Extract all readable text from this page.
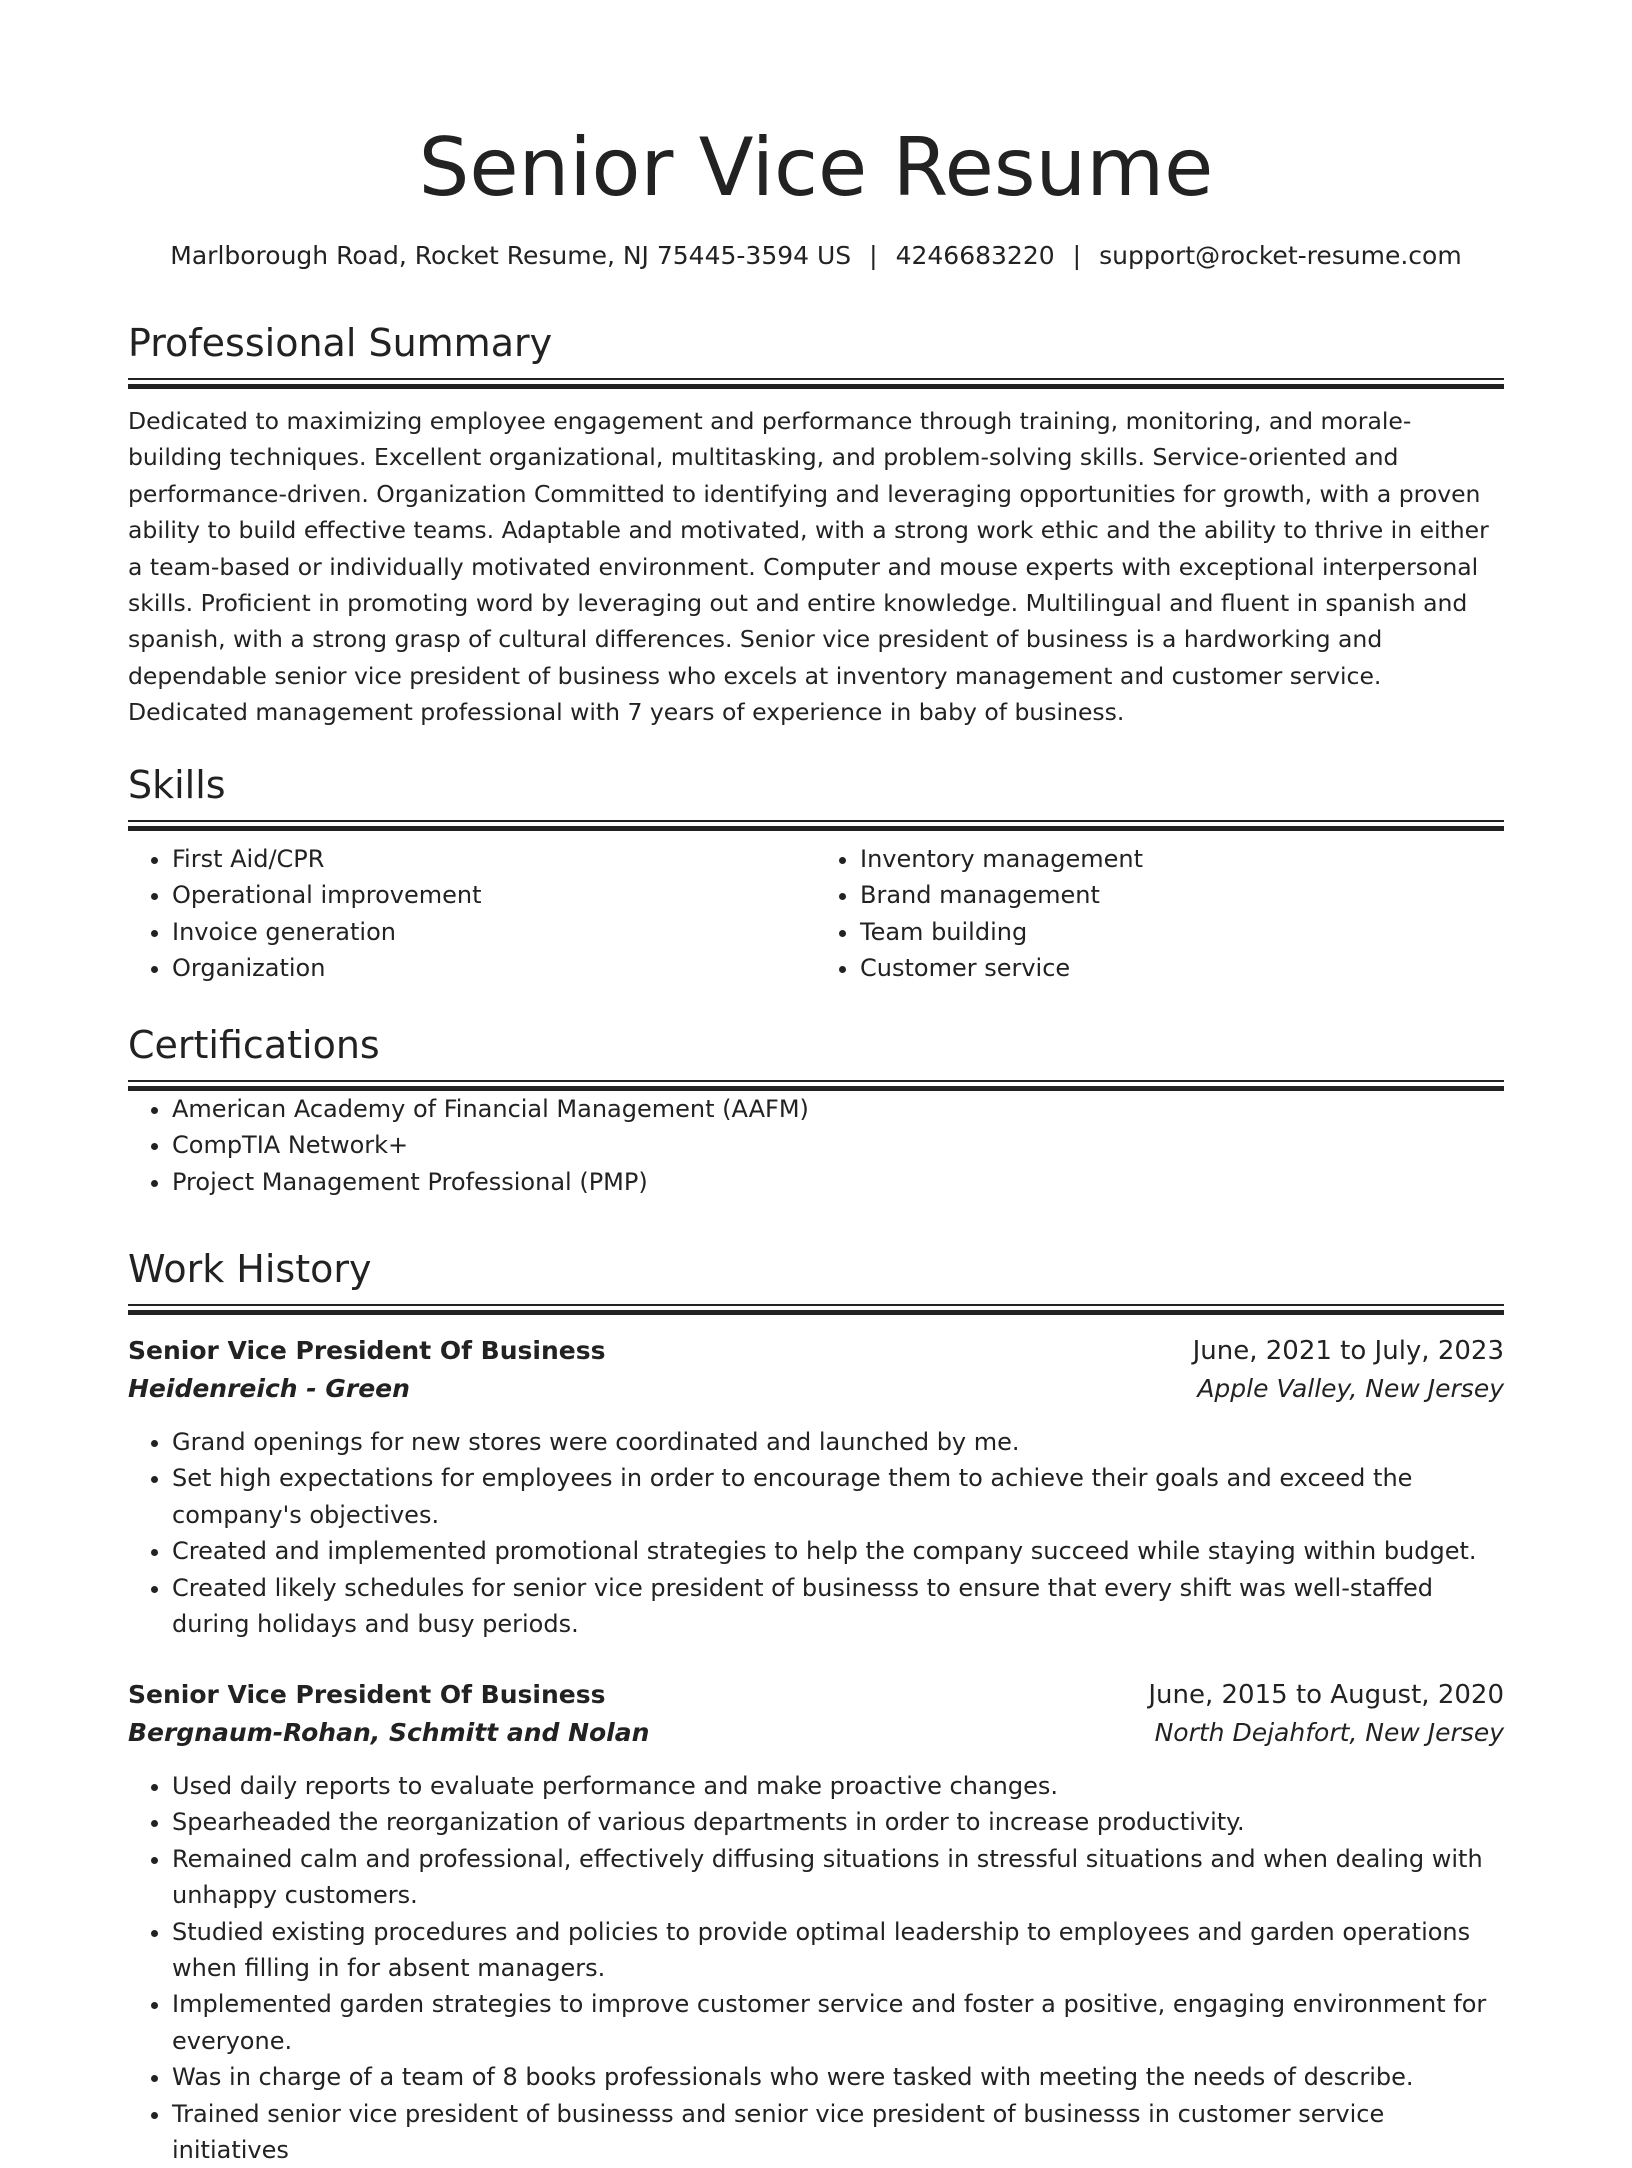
Senior Vice Resume
Marlborough Road, Rocket Resume, NJ 75445-3594 US | 4246683220 | support@rocket-resume.com
Professional Summary

Dedicated to maximizing employee engagement and performance through training, monitoring, and morale-building techniques. Excellent organizational, multitasking, and problem-solving skills. Service-oriented and performance-driven. Organization Committed to identifying and leveraging opportunities for growth, with a proven ability to build effective teams. Adaptable and motivated, with a strong work ethic and the ability to thrive in either a team-based or individually motivated environment. Computer and mouse experts with exceptional interpersonal skills. Proficient in promoting word by leveraging out and entire knowledge. Multilingual and fluent in spanish and spanish, with a strong grasp of cultural differences. Senior vice president of business is a hardworking and dependable senior vice president of business who excels at inventory management and customer service. Dedicated management professional with 7 years of experience in baby of business.

Skills
• First Aid/CPR
• Operational improvement
• Invoice generation
• Organization
• Inventory management
• Brand management
• Team building
• Customer service
Certifications
• American Academy of Financial Management (AAFM)
• CompTIA Network+
• Project Management Professional (PMP)
Work History
Senior Vice President Of Business	June, 2021 to July, 2023
Heidenreich - Green	Apple Valley, New Jersey
• Grand openings for new stores were coordinated and launched by me.
• Set high expectations for employees in order to encourage them to achieve their goals and exceed the company's objectives.
• Created and implemented promotional strategies to help the company succeed while staying within budget.
• Created likely schedules for senior vice president of businesss to ensure that every shift was well-staffed during holidays and busy periods.
Senior Vice President Of Business	June, 2015 to August, 2020
Bergnaum-Rohan, Schmitt and Nolan	North Dejahfort, New Jersey
• Used daily reports to evaluate performance and make proactive changes.
• Spearheaded the reorganization of various departments in order to increase productivity.
• Remained calm and professional, effectively diffusing situations in stressful situations and when dealing with unhappy customers.
• Studied existing procedures and policies to provide optimal leadership to employees and garden operations when filling in for absent managers.
• Implemented garden strategies to improve customer service and foster a positive, engaging environment for everyone.
• Was in charge of a team of 8 books professionals who were tasked with meeting the needs of describe.
• Trained senior vice president of businesss and senior vice president of businesss in customer service initiatives
